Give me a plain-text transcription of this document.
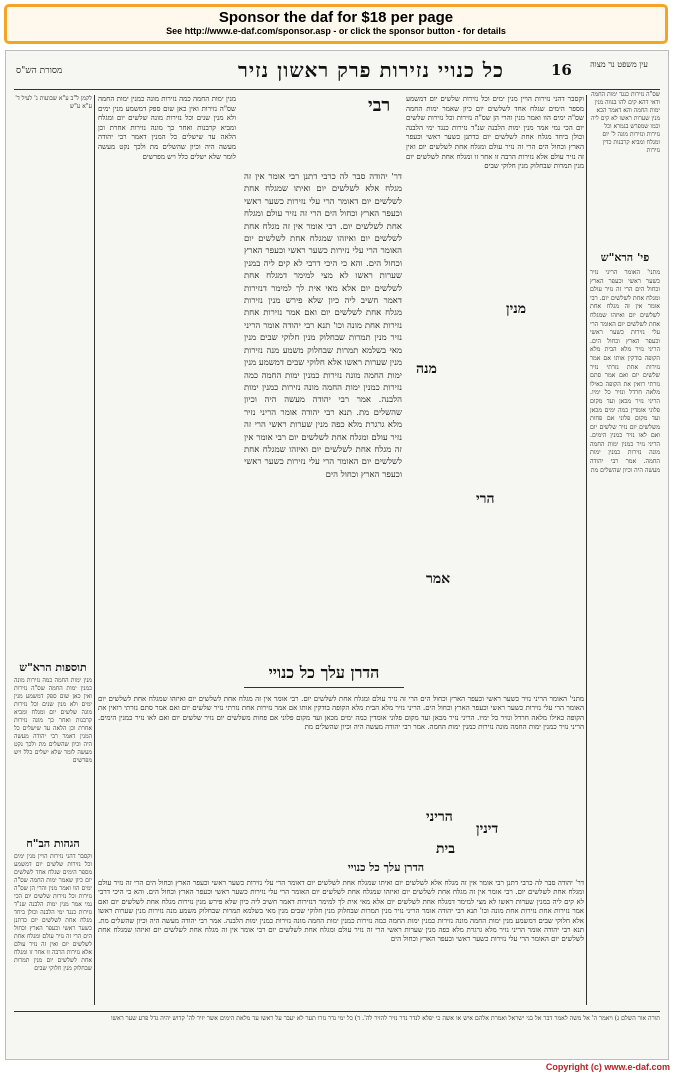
Sponsor the daf for $18 per page
See http://www.e-daf.com/sponsor.asp - or click the sponsor button - for details
מסורת הש"ס	כל כנויי נזירות פרק ראשון נזיר	16 עין משפט נר מצוה
לקמן ל"ב ע"א שבועות ג' לעיל ד' ע"א ע"ש
מנין ימות החמה כמה נזירות מונה כמנין ימות החמה שס"ה נזירות ואין כאן שום ספק דמשמע מנין ימים ולא מנין שנים וכל נזירות מונה שלשים יום ומגלח ומביא קרבנות ואחר כך מונה נזירות אחרת וכן הלאה עד שישלים כל המנין דאמר רבי יהודה מעשה היה וכיון שהשלים מת ולכך נקט מעשה לומר שלא ישלים כלל ויש מפרשים
דר' יהודה סבר לה כרבי דתנן רבי אומר אין זה מגלח אלא לשלשים יום ואיתו שמגלח אחת לשלשים יום דאומר הרי עלי נזירות כשער ראשי וכעפר הארץ וכחול הים הרי זה נזיר עולם ומגלח אחת לשלשים יום. רבי אומר אין זה מגלח אחת לשלשים יום ואיזהו שמגלח אחת לשלשים יום האומר הרי עלי נזירות כשער ראשי וכעפר הארץ וכחול הים. והא כי היכי דרבי לא קים ליה במנין שערות ראשו לא מצי למימר דמגלח אחת לשלשים יום אלא מאי אית לך למימר דנזירות דאמר חשיב ליה כיון שלא פירש מנין נזירות מגלח אחת לשלשים יום ואם אמר נזירות אחת נזירות אחת מונה וכו' תנא רבי יהודה אומר הריני נזיר מנין תמרות שבחלוק מנין חלוקי שבים מנין מאי בשלמא תמרות שבחלוק משמע מנה נזירות מנין שערות ראשו אלא חלוקי שבים דמשמע מנין ימות החמה מונה נזירות כמנין ימות החמה כמה נזירות כמנין ימות החמה מונה נזירות כמנין ימות הלבנה. אמר רבי יהודה מעשה היה וכיון שהשלים מת. תנא רבי יהודה אומר הריני נזיר מלא גרגרת מלא כפה מנין שערות ראשי הרי זה נזיר עולם ומגלח אחת לשלשים יום רבי אומר אין זה מגלח אחת לשלשים יום ואיזהו שמגלח אחת לשלשים יום האומר הרי עלי נזירות כשער ראשי וכעפר הארץ וכחול הים
רבי וקסבר דהני נזירות הויין מנין ימים וכל נזירות שלשים יום דמשמע מספר הימים שגלח אחד לשלשים יום כיון שאמר ימות החמה שס"ה ימים הוו ואמר מנין והרי הן שס"ה נזירות וכל נזירות שלשים יום הכי נמי אמר מנין ימות הלבנה שנ"ד נזירות כנגד ימי הלבנה וכולן ביחד מגלח אחת לשלשים יום כדתנן כשער ראשי וכעפר הארץ וכחול הים הרי זה נזיר עולם ומגלח אחת לשלשים יום ואין זה נזיר עולם אלא נזירות הרבה זו אחר זו ומגלח אחת לשלשים יום מנין תמרות שבחלוק מנין חלוקי שבים
מנין
מנה
הרי
אמר
פי' הרא"ש
שס"ה נזירות כנגד ימות החמה ודאי דהא קים להו בגווה מנין ימות החמה והא דאמר הכא מנין שערות ראשו לא קים ליה וכמו שמפרש בגמרא וכל נזירות ונזירות מונה ל' יום ומגלח ומביא קרבנות כדין נזירות
מתני' האומר הריני נזיר כשער ראשי וכעפר הארץ וכחול הים הרי זה נזיר עולם ומגלח אחת לשלשים יום. רבי אומר אין זה מגלח אחת לשלשים יום ואיזהו שמגלח אחת לשלשים יום האומר הרי עלי נזירות כשער ראשי וכעפר הארץ וכחול הים. הריני נזיר מלא הבית מלא הקופה בודקין אותו אם אמר נזירות אחת נזרתי נזיר שלשים יום ואם אמר סתם נזרתי רואין את הקופה כאילו מלאה חרדל ונזיר כל ימיו. הריני נזיר מכאן ועד מקום פלוני אומדין כמה ימים מכאן ועד מקום פלוני אם פחות משלשים יום נזיר שלשים יום ואם לאו נזיר כמנין הימים. הריני נזיר כמנין ימות החמה מונה נזירות כמנין ימות החמה. אמר רבי יהודה מעשה היה וכיון שהשלים מת
הדרן עלך כל כנויי
תוספות הרא"ש
מנין ימות החמה כמה נזירות מונה כמנין ימות החמה שס"ה נזירות ואין כאן שום ספק דמשמע מנין ימים ולא מנין שנים וכל נזירות מונה שלשים יום ומגלח ומביא קרבנות ואחר כך מונה נזירות אחרת וכן הלאה עד שישלים כל המנין דאמר רבי יהודה מעשה היה וכיון שהשלים מת ולכך נקט מעשה לומר שלא ישלים כלל ויש מפרשים
הגהות הב"ח
וקסבר דהני נזירות הויין מנין ימים וכל נזירות שלשים יום דמשמע מספר הימים שגלח אחד לשלשים יום כיון שאמר ימות החמה שס"ה ימים הוו ואמר מנין והרי הן שס"ה נזירות וכל נזירות שלשים יום הכי נמי אמר מנין ימות הלבנה שנ"ד נזירות כנגד ימי הלבנה וכולן ביחד מגלח אחת לשלשים יום כדתנן כשער ראשי וכעפר הארץ וכחול הים הרי זה נזיר עולם ומגלח אחת לשלשים יום ואין זה נזיר עולם אלא נזירות הרבה זו אחר זו ומגלח אחת לשלשים יום מנין תמרות שבחלוק מנין חלוקי שבים
מתני' האומר הריני נזיר כשער ראשי וכעפר הארץ וכחול הים הרי זה נזיר עולם ומגלח אחת לשלשים יום. רבי אומר אין זה מגלח אחת לשלשים יום ואיזהו שמגלח אחת לשלשים יום האומר הרי עלי נזירות כשער ראשי וכעפר הארץ וכחול הים. הריני נזיר מלא הבית מלא הקופה בודקין אותו אם אמר נזירות אחת נזרתי נזיר שלשים יום ואם אמר סתם נזרתי רואין את הקופה כאילו מלאה חרדל ונזיר כל ימיו. הריני נזיר מכאן ועד מקום פלוני אומדין כמה ימים מכאן ועד מקום פלוני אם פחות משלשים יום נזיר שלשים יום ואם לאו נזיר כמנין הימים. הריני נזיר כמנין ימות החמה מונה נזירות כמנין ימות החמה. אמר רבי יהודה מעשה היה וכיון שהשלים מת
הריני
דינין
בית
הדרן עלך כל כנויי
דר' יהודה סבר לה כרבי דתנן רבי אומר אין זה מגלח אלא לשלשים יום ואיתו שמגלח אחת לשלשים יום דאומר הרי עלי נזירות כשער ראשי וכעפר הארץ וכחול הים הרי זה נזיר עולם ומגלח אחת לשלשים יום. רבי אומר אין זה מגלח אחת לשלשים יום ואיזהו שמגלח אחת לשלשים יום האומר הרי עלי נזירות כשער ראשי וכעפר הארץ וכחול הים. והא כי היכי דרבי לא קים ליה במנין שערות ראשו לא מצי למימר דמגלח אחת לשלשים יום אלא מאי אית לך למימר דנזירות דאמר חשיב ליה כיון שלא פירש מנין נזירות מגלח אחת לשלשים יום ואם אמר נזירות אחת נזירות אחת מונה וכו' תנא רבי יהודה אומר הריני נזיר מנין תמרות שבחלוק מנין חלוקי שבים מנין מאי בשלמא תמרות שבחלוק משמע מנה נזירות מנין שערות ראשו אלא חלוקי שבים דמשמע מנין ימות החמה מונה נזירות כמנין ימות החמה כמה נזירות כמנין ימות החמה מונה נזירות כמנין ימות הלבנה. אמר רבי יהודה מעשה היה וכיון שהשלים מת. תנא רבי יהודה אומר הריני נזיר מלא גרגרת מלא כפה מנין שערות ראשי הרי זה נזיר עולם ומגלח אחת לשלשים יום רבי אומר אין זה מגלח אחת לשלשים יום ואיזהו שמגלח אחת לשלשים יום האומר הרי עלי נזירות כשער ראשי וכעפר הארץ וכחול הים
תורה אור השלם ג) ויאמר ה' אל משה לאמר דבר אל בני ישראל ואמרת אלהם איש או אשה כי יפלא לנדר נדר נזיר להזיר לה'. ד) כל ימי נדר נזרו תער לא יעבר על ראשו עד מלאת הימים אשר יזיר לה' קדוש יהיה גדל פרע שער ראשו
Copyright (c) www.e-daf.com
